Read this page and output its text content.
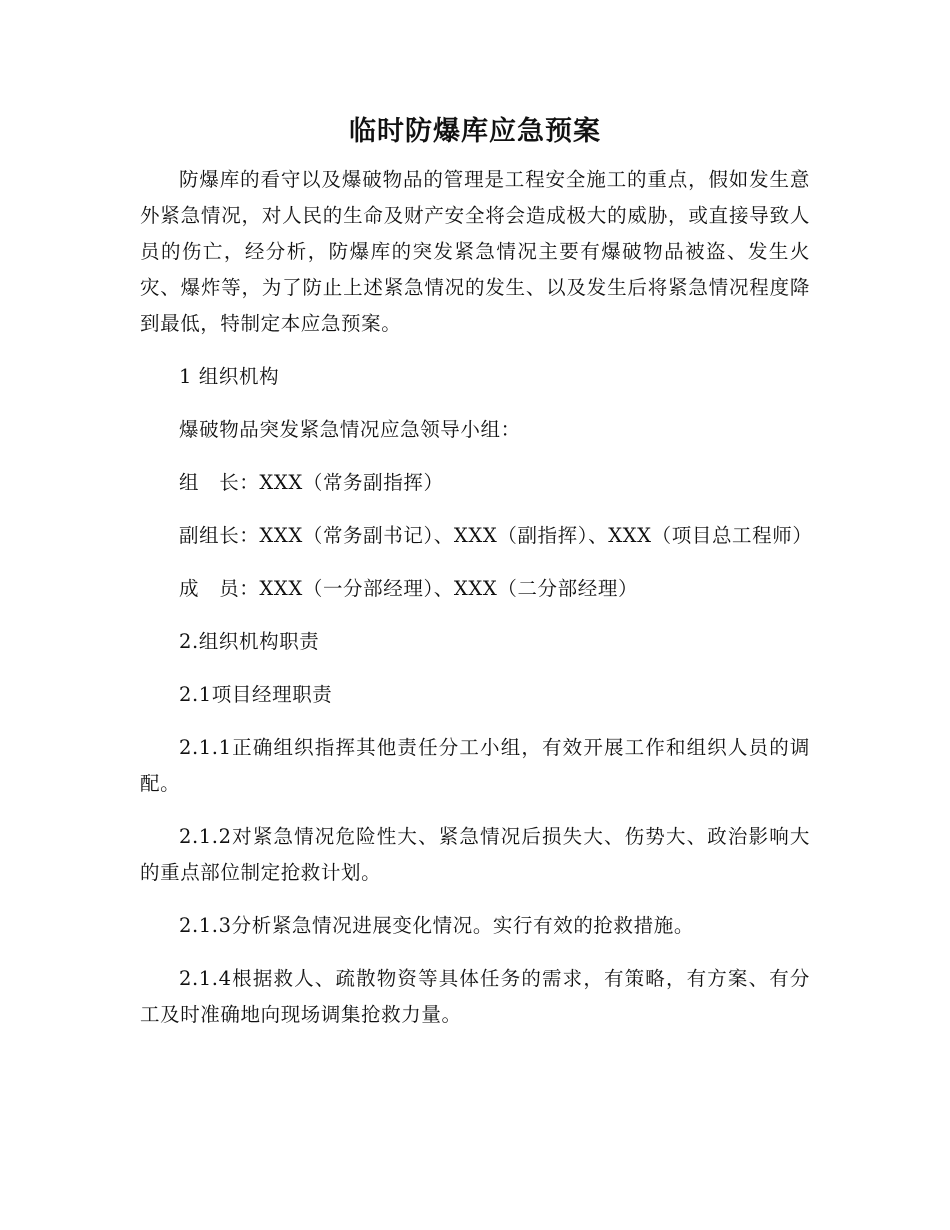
临时防爆库应急预案

防爆库的看守以及爆破物品的管理是工程安全施工的重点，假如发生意外紧急情况，对人民的生命及财产安全将会造成极大的威胁，或直接导致人员的伤亡，经分析，防爆库的突发紧急情况主要有爆破物品被盗、发生火灾、爆炸等，为了防止上述紧急情况的发生、以及发生后将紧急情况程度降到最低，特制定本应急预案。

1 组织机构

爆破物品突发紧急情况应急领导小组：

组　长：XXX（常务副指挥）

副组长：XXX（常务副书记）、XXX（副指挥）、XXX（项目总工程师）

成　员：XXX（一分部经理）、XXX（二分部经理）

2.组织机构职责

2.1项目经理职责

2.1.1正确组织指挥其他责任分工小组，有效开展工作和组织人员的调配。

2.1.2对紧急情况危险性大、紧急情况后损失大、伤势大、政治影响大的重点部位制定抢救计划。

2.1.3分析紧急情况进展变化情况。实行有效的抢救措施。

2.1.4根据救人、疏散物资等具体任务的需求，有策略，有方案、有分工及时准确地向现场调集抢救力量。
